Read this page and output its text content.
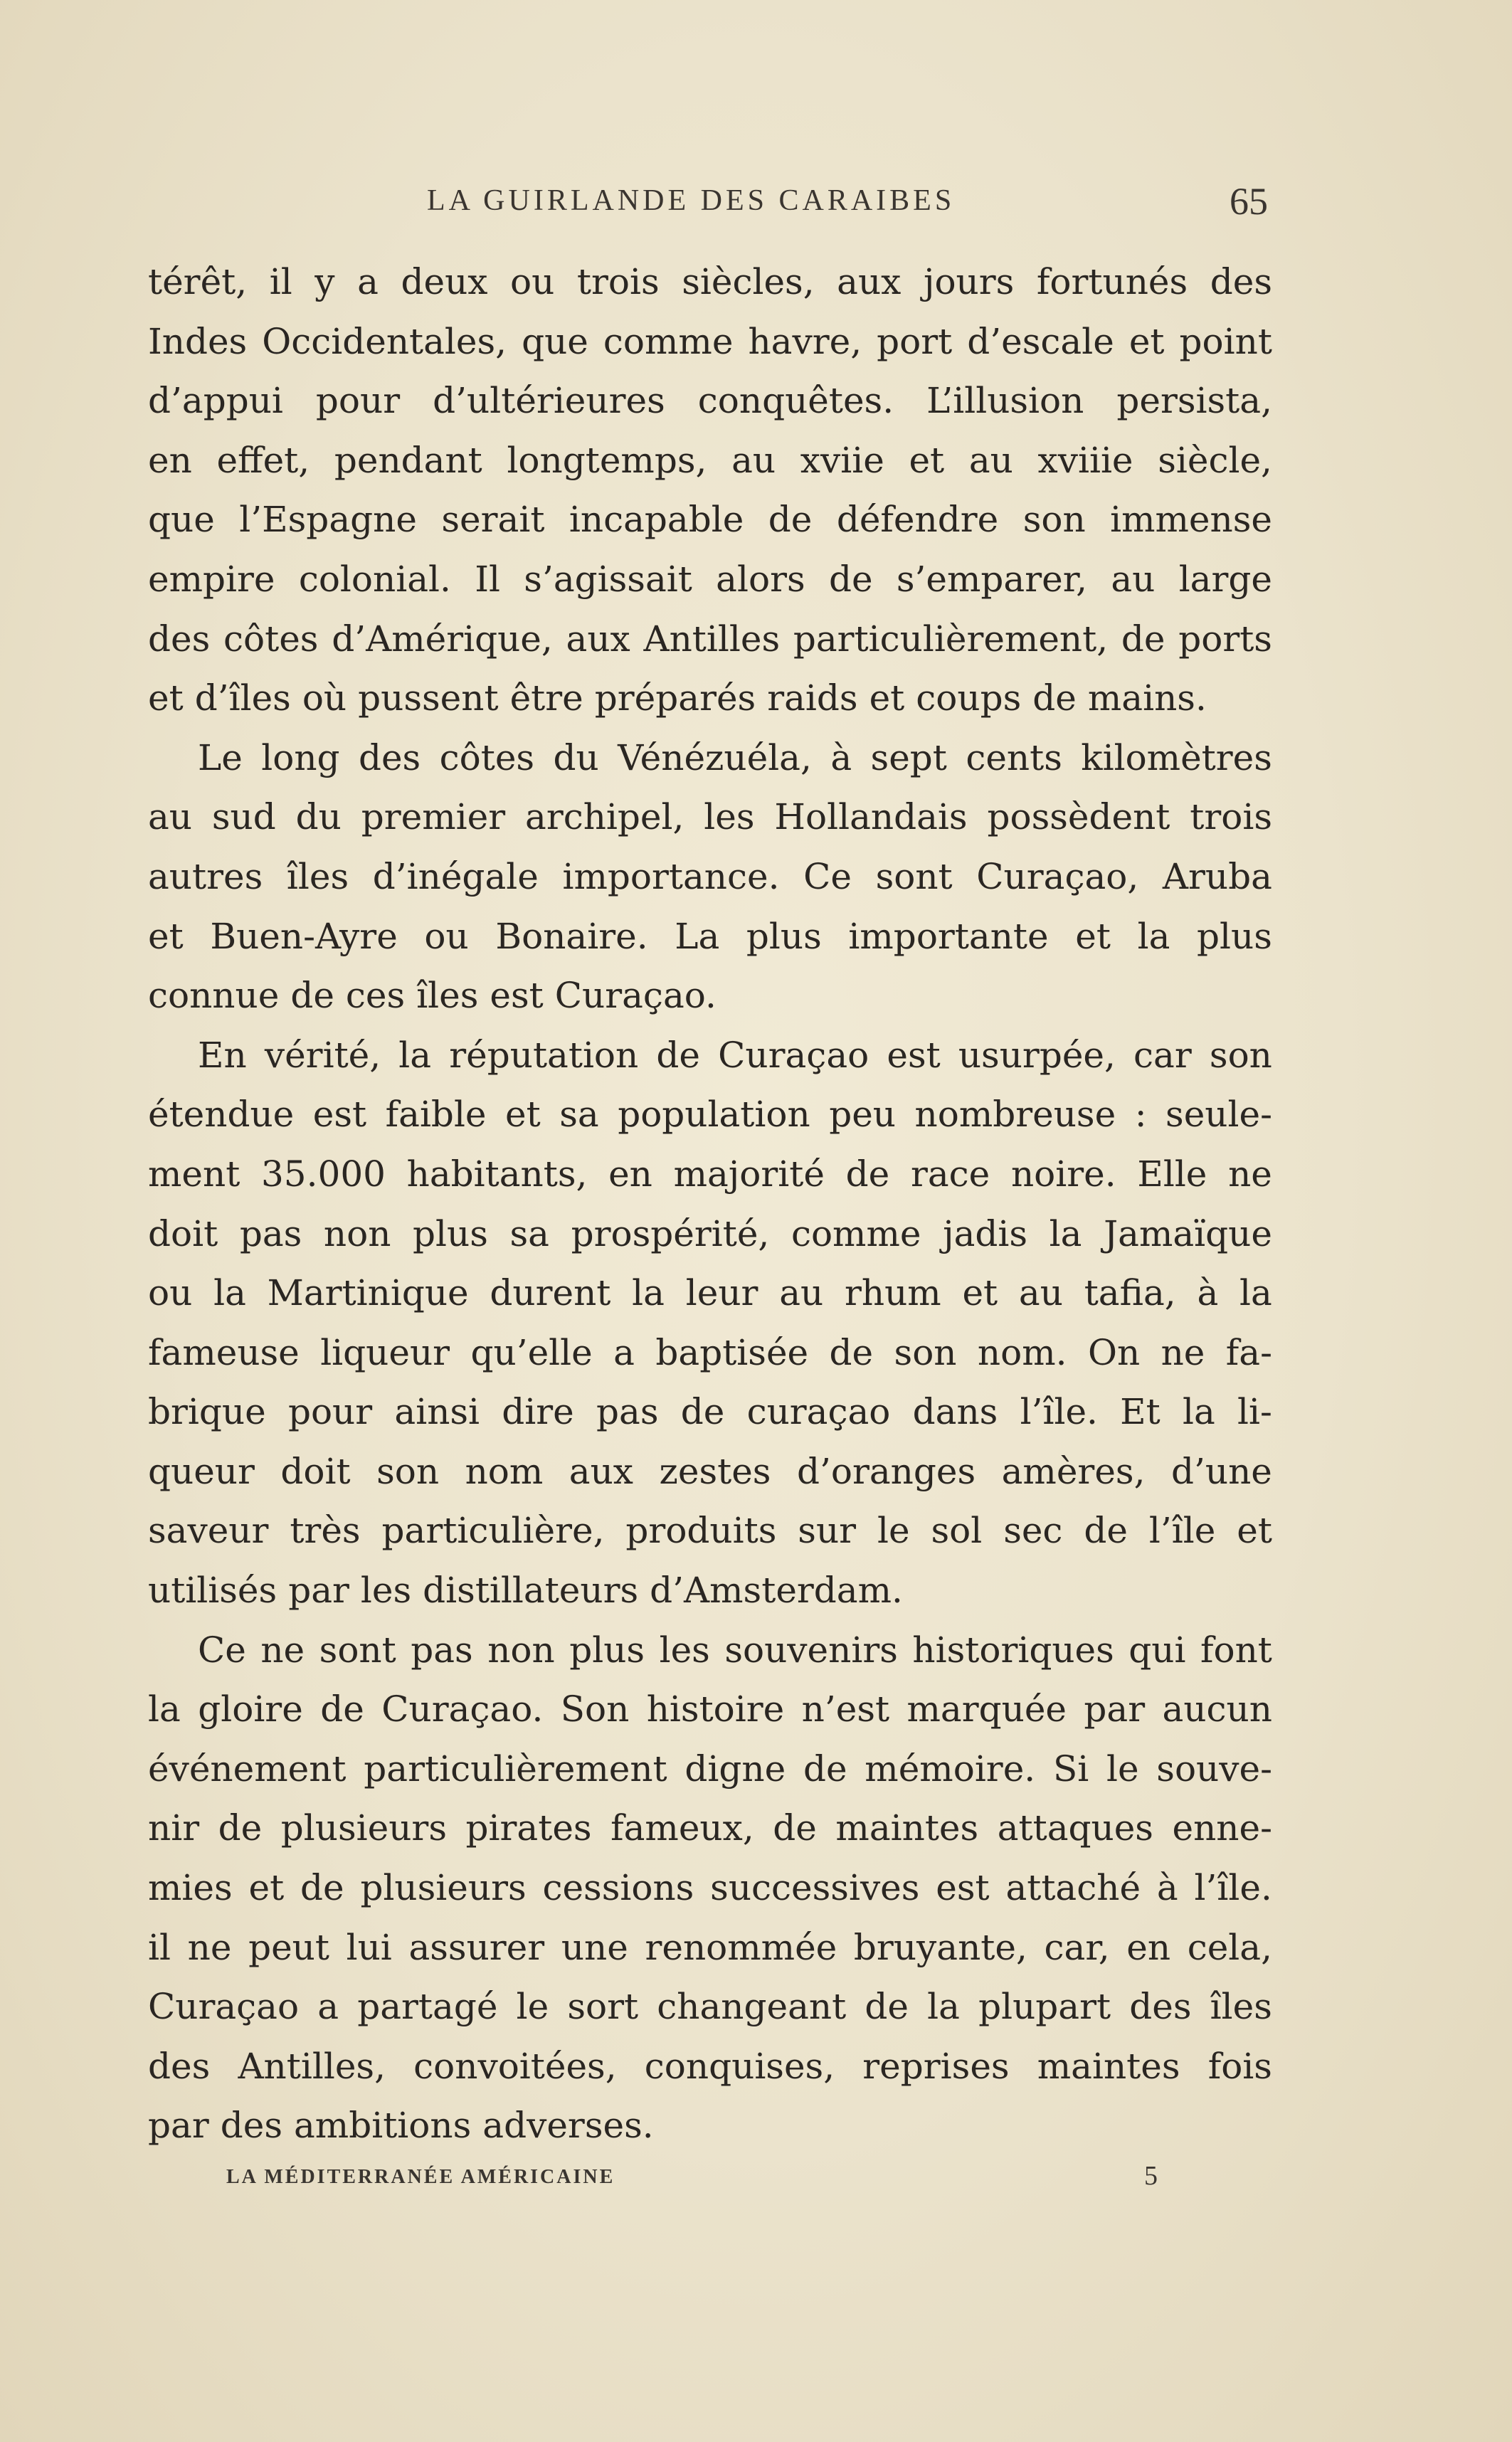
LA GUIRLANDE DES CARAIBES	65
térêt, il y a deux ou trois siècles, aux jours fortunés des
Indes Occidentales, que comme havre, port d’escale et point
d’appui pour d’ultérieures conquêtes. L’illusion persista,
en effet, pendant longtemps, au xviie et au xviiie siècle,
que l’Espagne serait incapable de défendre son immense
empire colonial. Il s’agissait alors de s’emparer, au large
des côtes d’Amérique, aux Antilles particulièrement, de ports
et d’îles où pussent être préparés raids et coups de mains.
Le long des côtes du Vénézuéla, à sept cents kilomètres
au sud du premier archipel, les Hollandais possèdent trois
autres îles d’inégale importance. Ce sont Curaçao, Aruba
et Buen-Ayre ou Bonaire. La plus importante et la plus
connue de ces îles est Curaçao.
En vérité, la réputation de Curaçao est usurpée, car son
étendue est faible et sa population peu nombreuse : seule-
ment 35.000 habitants, en majorité de race noire. Elle ne
doit pas non plus sa prospérité, comme jadis la Jamaïque
ou la Martinique durent la leur au rhum et au tafia, à la
fameuse liqueur qu’elle a baptisée de son nom. On ne fa-
brique pour ainsi dire pas de curaçao dans l’île. Et la li-
queur doit son nom aux zestes d’oranges amères, d’une
saveur très particulière, produits sur le sol sec de l’île et
utilisés par les distillateurs d’Amsterdam.
Ce ne sont pas non plus les souvenirs historiques qui font
la gloire de Curaçao. Son histoire n’est marquée par aucun
événement particulièrement digne de mémoire. Si le souve-
nir de plusieurs pirates fameux, de maintes attaques enne-
mies et de plusieurs cessions successives est attaché à l’île.
il ne peut lui assurer une renommée bruyante, car, en cela,
Curaçao a partagé le sort changeant de la plupart des îles
des Antilles, convoitées, conquises, reprises maintes fois
par des ambitions adverses.
LA MÉDITERRANÉE AMÉRICAINE	5
